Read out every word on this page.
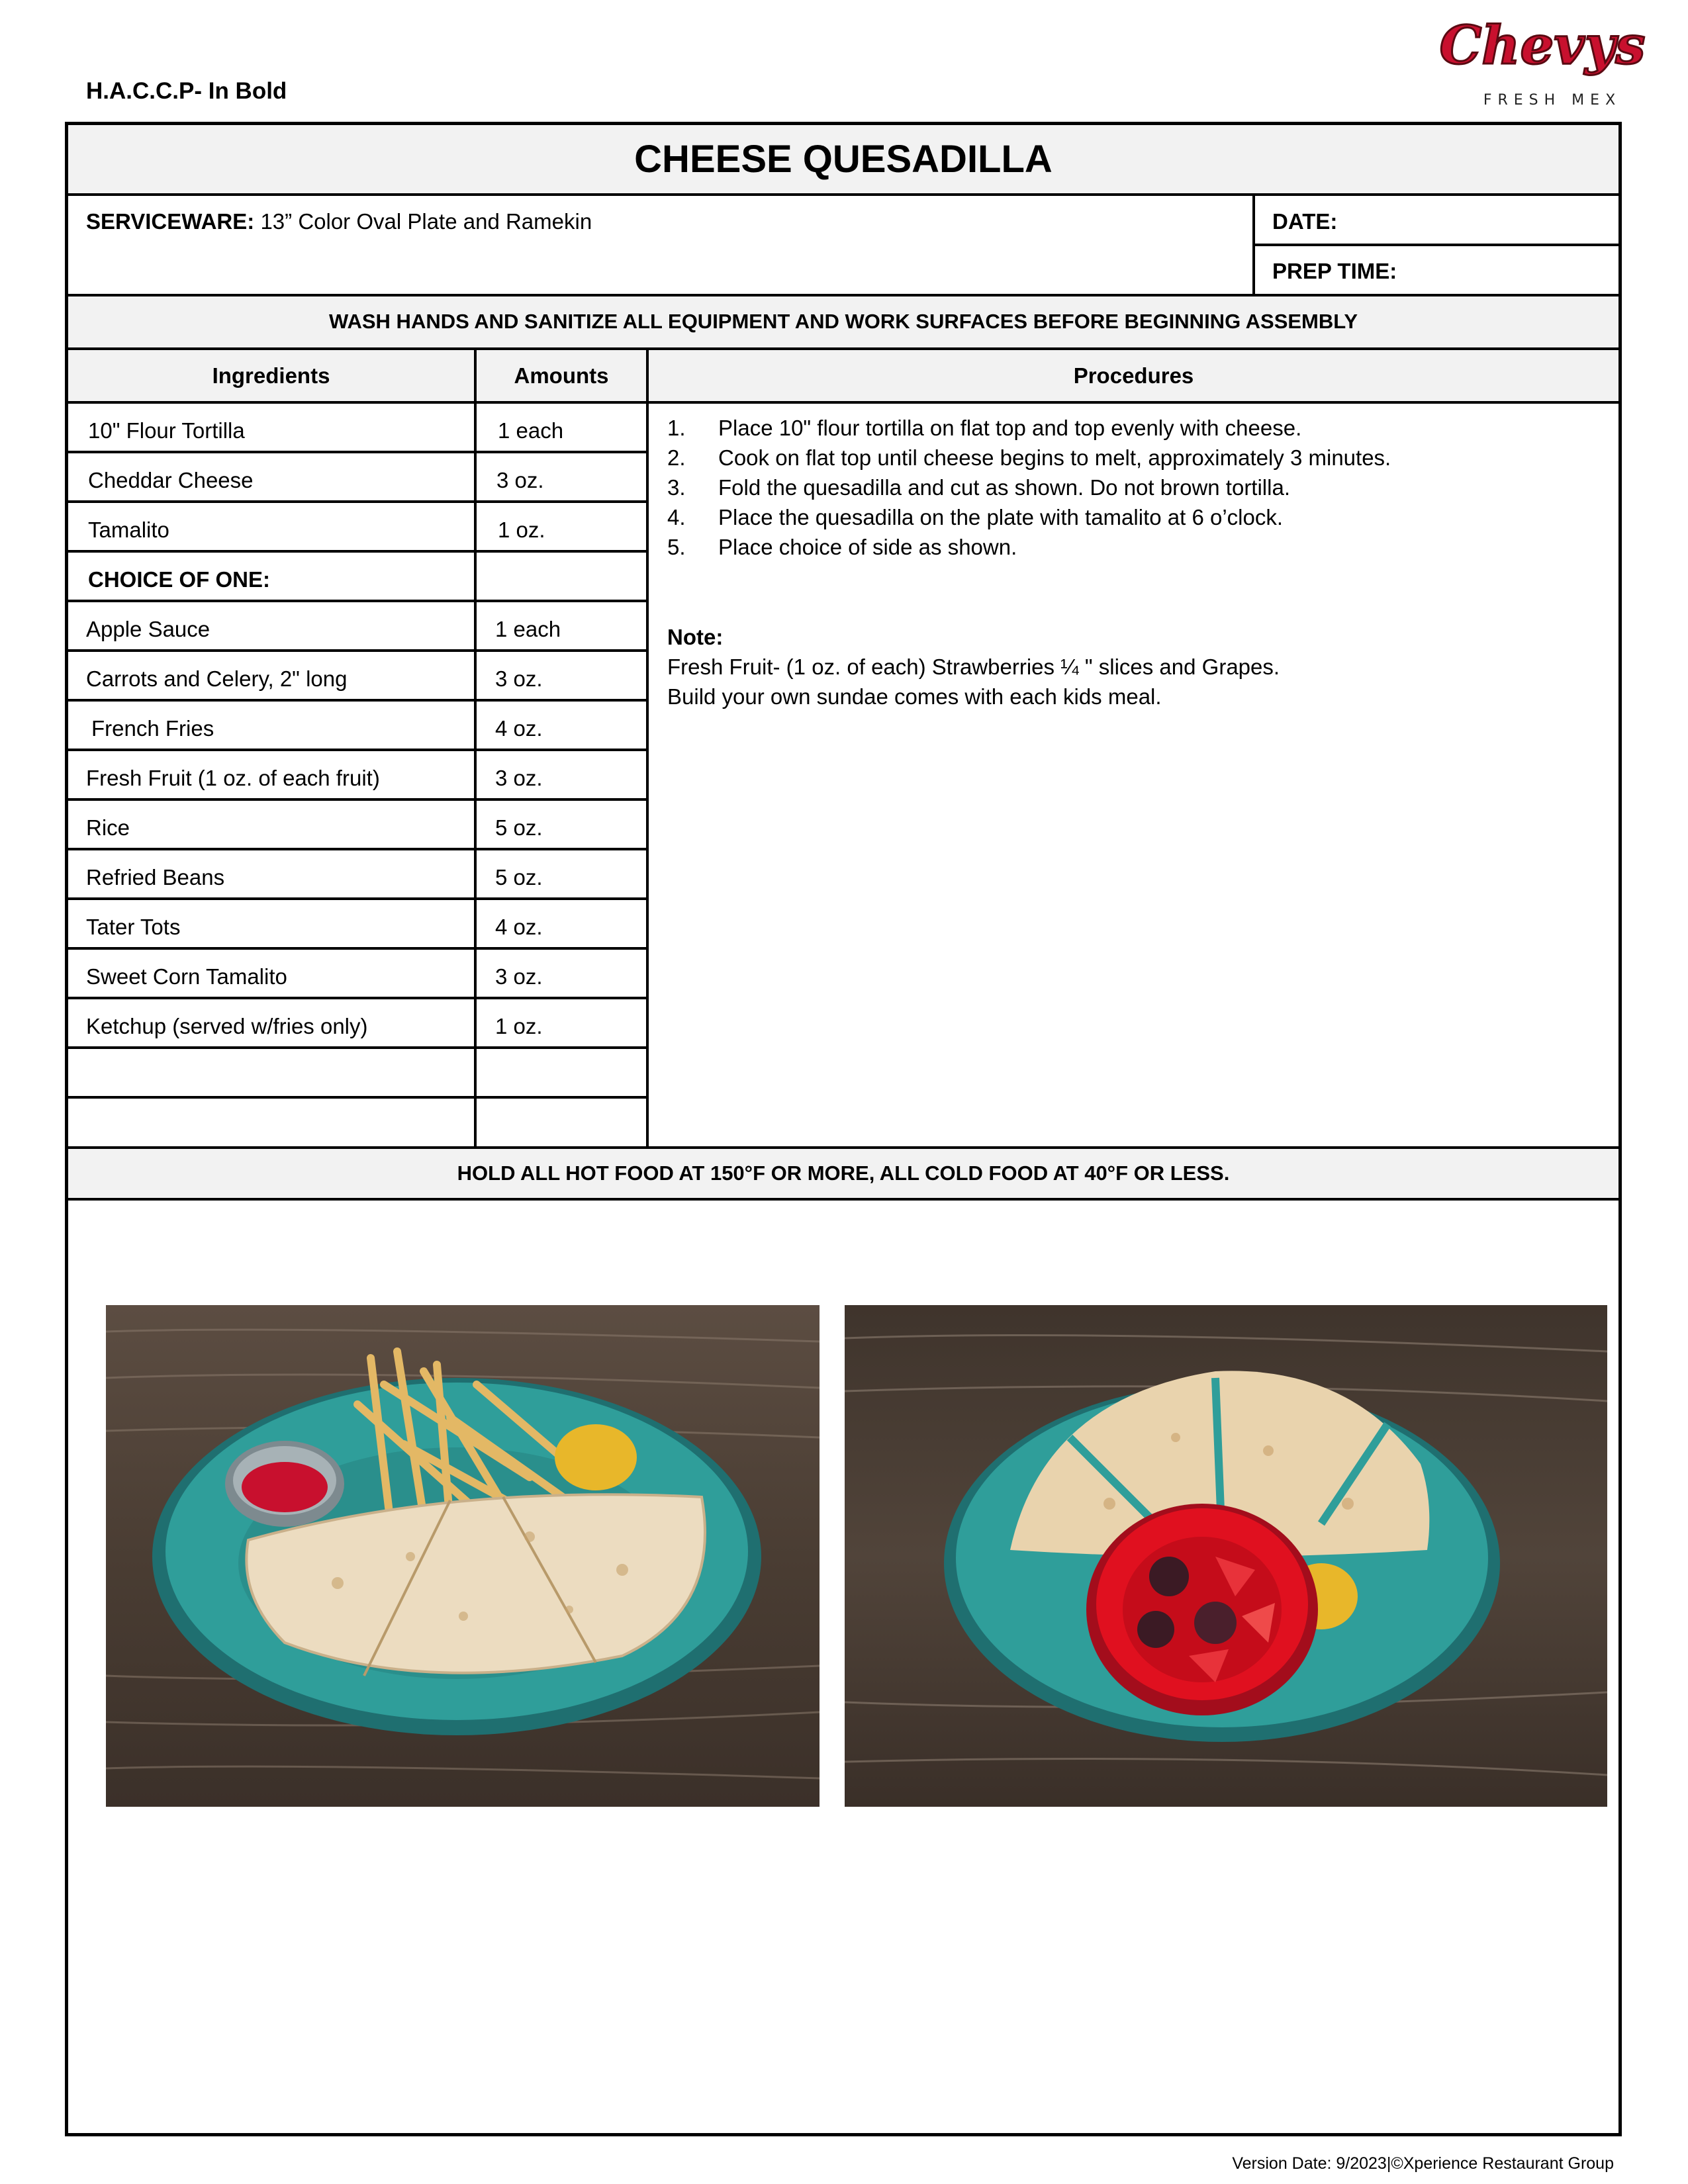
H.A.C.C.P- In Bold
Chevys
FRESH MEX
CHEESE QUESADILLA
SERVICEWARE: 13” Color Oval Plate and Ramekin	DATE:
PREP TIME:
WASH HANDS AND SANITIZE ALL EQUIPMENT AND WORK SURFACES BEFORE BEGINNING ASSEMBLY
Ingredients	Amounts	Procedures
10" Flour Tortilla	1 each
Cheddar Cheese	3 oz.
Tamalito	1 oz.
CHOICE OF ONE:
Apple Sauce	1 each
Carrots and Celery, 2" long	3 oz.
French Fries	4 oz.
Fresh Fruit (1 oz. of each fruit)	3 oz.
Rice	5 oz.
Refried Beans	5 oz.
Tater Tots	4 oz.
Sweet Corn Tamalito	3 oz.
Ketchup (served w/fries only)	1 oz.
1. Place 10" flour tortilla on flat top and top evenly with cheese.
2. Cook on flat top until cheese begins to melt, approximately 3 minutes.
3. Fold the quesadilla and cut as shown. Do not brown tortilla.
4. Place the quesadilla on the plate with tamalito at 6 o’clock.
5. Place choice of side as shown.
Note:
Fresh Fruit- (1 oz. of each) Strawberries ¼ " slices and Grapes.
Build your own sundae comes with each kids meal.
HOLD ALL HOT FOOD AT 150°F OR MORE, ALL COLD FOOD AT 40°F OR LESS.
Version Date: 9/2023|©Xperience Restaurant Group
